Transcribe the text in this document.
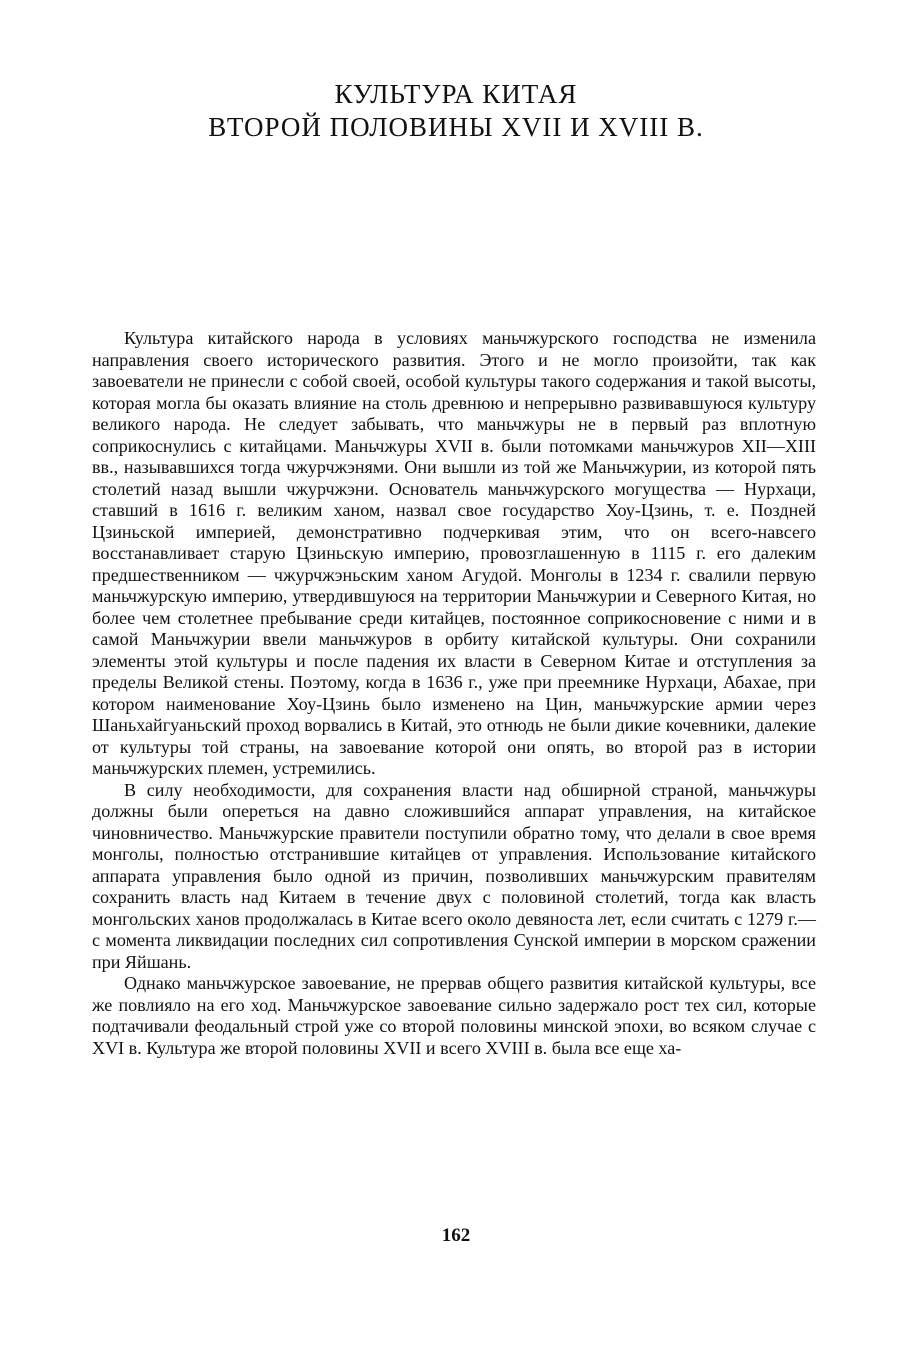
КУЛЬТУРА КИТАЯ
ВТОРОЙ ПОЛОВИНЫ XVII И XVIII В.

Культура китайского народа в условиях маньчжурского господства не изменила направления своего исторического развития. Этого и не могло произойти, так как завоеватели не принесли с собой своей, особой культуры такого содержания и такой высоты, которая могла бы оказать влияние на столь древнюю и непрерывно развивавшуюся культуру великого народа. Не следует забывать, что маньчжуры не в первый раз вплотную соприкоснулись с китайцами. Маньчжуры XVII в. были потомками маньчжуров XII—XIII вв., называвшихся тогда чжурчжэнями. Они вышли из той же Маньчжурии, из которой пять столетий назад вышли чжурчжэни. Основатель маньчжурского могущества — Нурхаци, ставший в 1616 г. великим ханом, назвал свое государство Хоу-Цзинь, т. е. Поздней Цзиньской империей, демонстративно подчеркивая этим, что он всего-навсего восстанавливает старую Цзиньскую империю, провозглашенную в 1115 г. его далеким предшественником — чжурчжэньским ханом Агудой. Монголы в 1234 г. свалили первую маньчжурскую империю, утвердившуюся на территории Маньчжурии и Северного Китая, но более чем столетнее пребывание среди китайцев, постоянное соприкосновение с ними и в самой Маньчжурии ввели маньчжуров в орбиту китайской культуры. Они сохранили элементы этой культуры и после падения их власти в Северном Китае и отступления за пределы Великой стены. Поэтому, когда в 1636 г., уже при преемнике Нурхаци, Абахае, при котором наименование Хоу-Цзинь было изменено на Цин, маньчжурские армии через Шаньхайгуаньский проход ворвались в Китай, это отнюдь не были дикие кочевники, далекие от культуры той страны, на завоевание которой они опять, во второй раз в истории маньчжурских племен, устремились.

В силу необходимости, для сохранения власти над обширной страной, маньчжуры должны были опереться на давно сложившийся аппарат управления, на китайское чиновничество. Маньчжурские правители поступили обратно тому, что делали в свое время монголы, полностью отстранившие китайцев от управления. Использование китайского аппарата управления было одной из причин, позволивших маньчжурским правителям сохранить власть над Китаем в течение двух с половиной столетий, тогда как власть монгольских ханов продолжалась в Китае всего около девяноста лет, если считать с 1279 г.— с момента ликвидации последних сил сопротивления Сунской империи в морском сражении при Яйшань.

Однако маньчжурское завоевание, не прервав общего развития китайской культуры, все же повлияло на его ход. Маньчжурское завоевание сильно задержало рост тех сил, которые подтачивали феодальный строй уже со второй половины минской эпохи, во всяком случае с XVI в. Культура же второй половины XVII и всего XVIII в. была все еще ха-

162
